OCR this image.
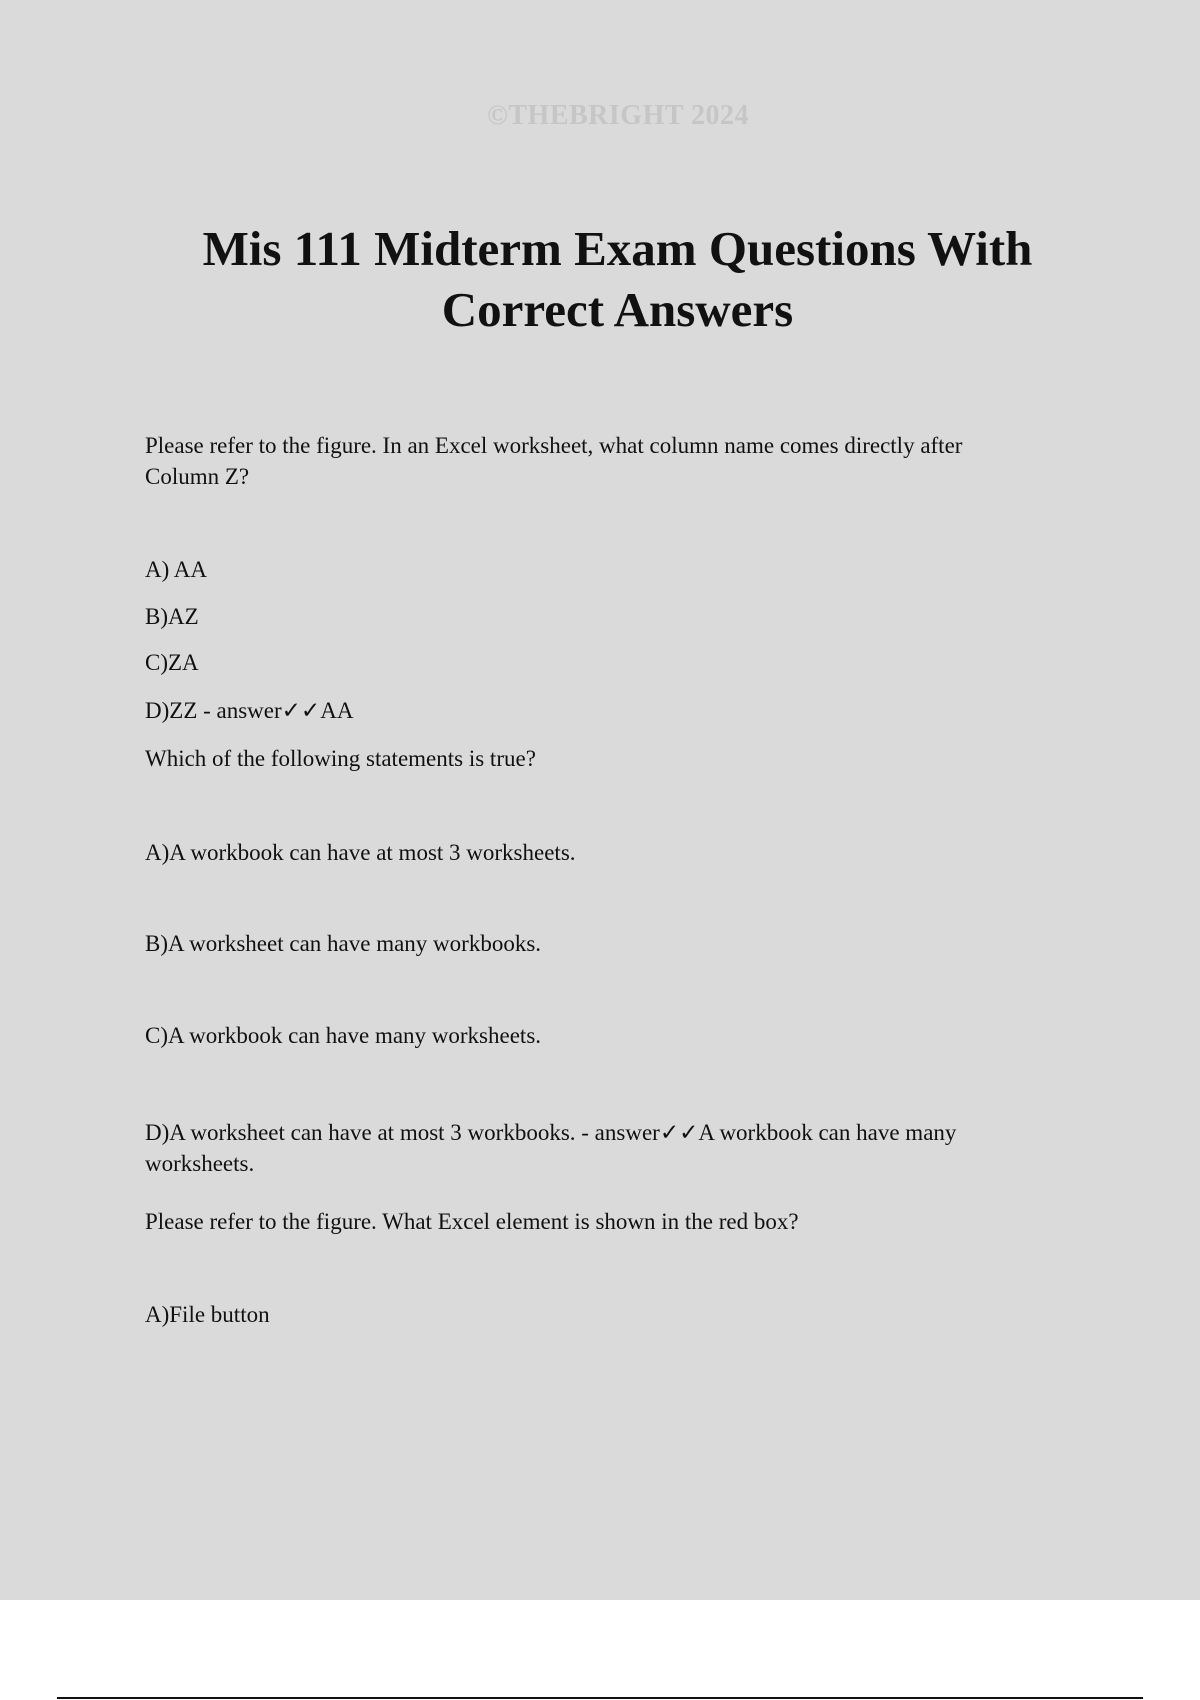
©THEBRIGHT 2024
Mis 111 Midterm Exam Questions With
Correct Answers

Please refer to the figure. In an Excel worksheet, what column name comes directly after Column Z?

A) AA

B)AZ

C)ZA

D)ZZ - answer✓✓AA

Which of the following statements is true?

A)A workbook can have at most 3 worksheets.

B)A worksheet can have many workbooks.

C)A workbook can have many worksheets.

D)A worksheet can have at most 3 workbooks. - answer✓✓A workbook can have many worksheets.

Please refer to the figure. What Excel element is shown in the red box?

A)File button
